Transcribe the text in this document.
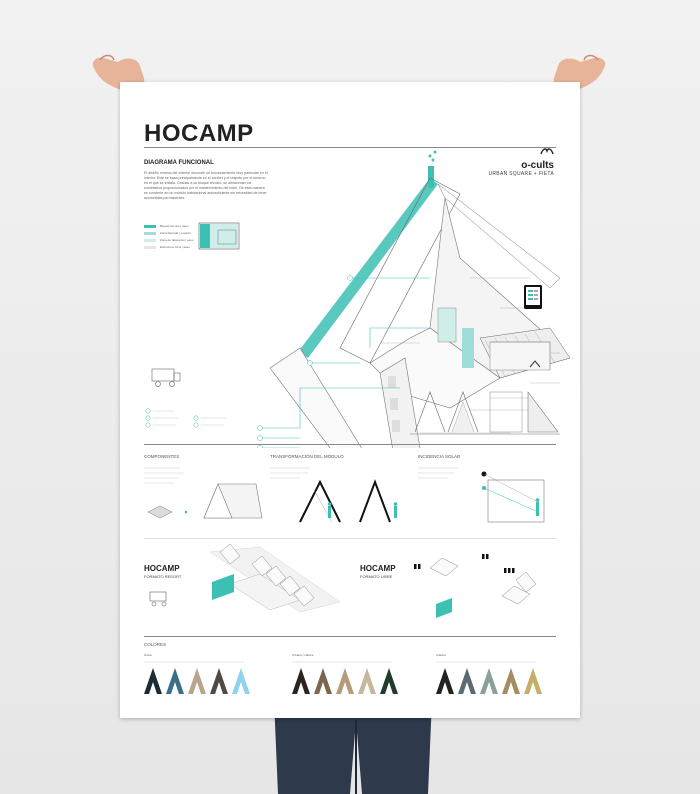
HOCAMP
o-cults
URBAN SQUARE + FIETA
DIAGRAMA FUNCIONAL
El diseño mínimo del exterior esconde un funcionamiento muy particular en el interior. Este se basa principalmente en el confort y el respeto por el entorno en el que se instala. Gracias a su bloque técnico, se almacenan los suministros proporcionados por el mantenimiento del hotel. De esta manera se convierte en un módulo habitacional autosuficiente sin necesidad de tener acometidas permanentes.
Bloque técnico | aseo
Zona llamada | espacio
Zona de descanso | aseo
Estructura zona | aseo
COMPONENTES	TRANSFORMACIÓN DEL MÓDULO	INCIDENCIA SOLAR
HOCAMP
FORMATO RESORT
HOCAMP
FORMATO LIBRE
COLORES
Ártica	Urbana | clásica	Clásica
